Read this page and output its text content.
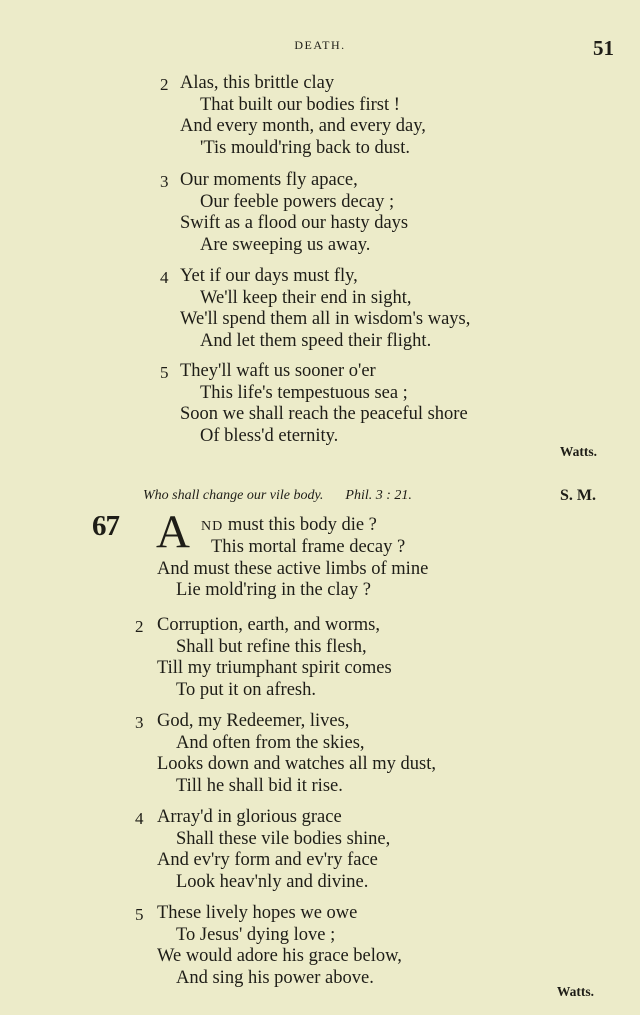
DEATH.	51
2 Alas, this brittle clay
That built our bodies first !
And every month, and every day,
'Tis mould'ring back to dust.
3 Our moments fly apace,
Our feeble powers decay ;
Swift as a flood our hasty days
Are sweeping us away.
4 Yet if our days must fly,
We'll keep their end in sight,
We'll spend them all in wisdom's ways,
And let them speed their flight.
5 They'll waft us sooner o'er
This life's tempestuous sea ;
Soon we shall reach the peaceful shore
Of bless'd eternity.
Watts.
Who shall change our vile body. Phil. 3 : 21.	S. M.
67 A ND must this body die ?
This mortal frame decay ?
And must these active limbs of mine
Lie mold'ring in the clay ?
2 Corruption, earth, and worms,
Shall but refine this flesh,
Till my triumphant spirit comes
To put it on afresh.
3 God, my Redeemer, lives,
And often from the skies,
Looks down and watches all my dust,
Till he shall bid it rise.
4 Array'd in glorious grace
Shall these vile bodies shine,
And ev'ry form and ev'ry face
Look heav'nly and divine.
5 These lively hopes we owe
To Jesus' dying love ;
We would adore his grace below,
And sing his power above.
Watts.
